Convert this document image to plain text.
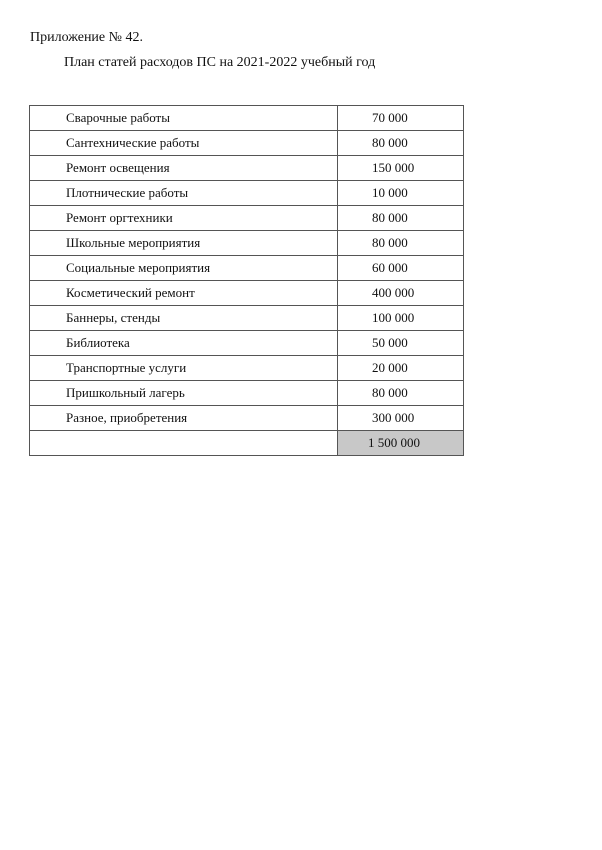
Приложение № 42.
План статей расходов ПС на 2021-2022 учебный год
Сварочные работы	70 000
Сантехнические работы	80 000
Ремонт освещения	150 000
Плотнические работы	10 000
Ремонт оргтехники	80 000
Школьные мероприятия	80 000
Социальные мероприятия	60 000
Косметический ремонт	400 000
Баннеры, стенды	100 000
Библиотека	50 000
Транспортные услуги	20 000
Пришкольный лагерь	80 000
Разное, приобретения	300 000
	1 500 000
